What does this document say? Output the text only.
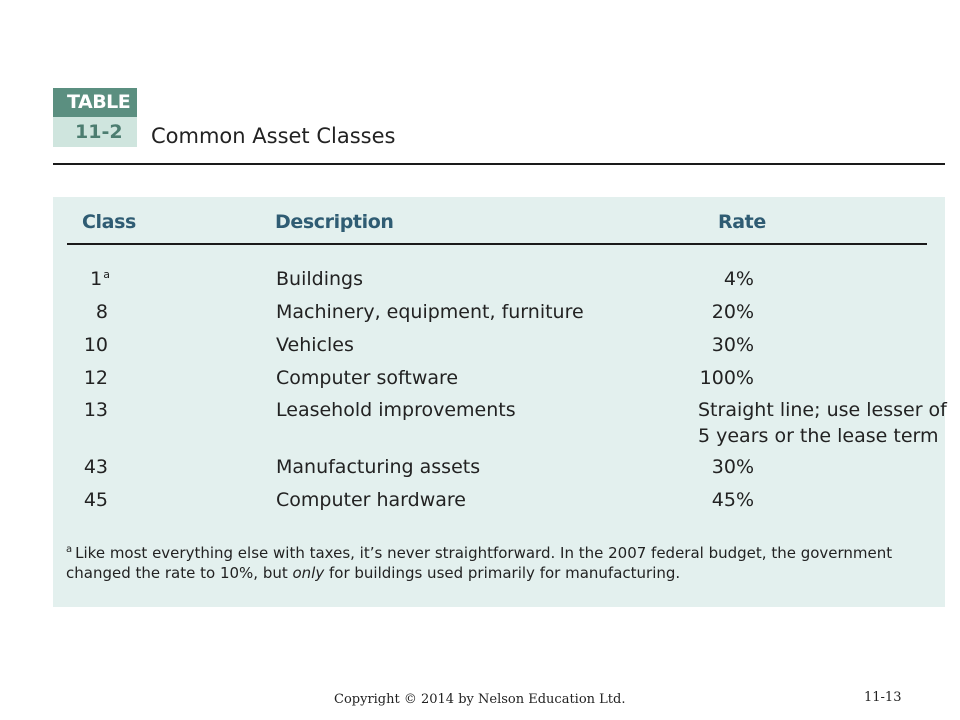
TABLE
11-2	Common Asset Classes
Class	Description	Rate
1$^a$	Buildings	4%
8	Machinery, equipment, furniture	20%
10	Vehicles	30%
12	Computer software	100%
13	Leasehold improvements	Straight line; use lesser of
5 years or the lease term
43	Manufacturing assets	30%
45	Computer hardware	45%
$^a$ Like most everything else with taxes, it’s never straightforward. In the 2007 federal budget, the government changed the rate to 10%, but only for buildings used primarily for manufacturing.
Copyright © 2014 by Nelson Education Ltd.	11-13
